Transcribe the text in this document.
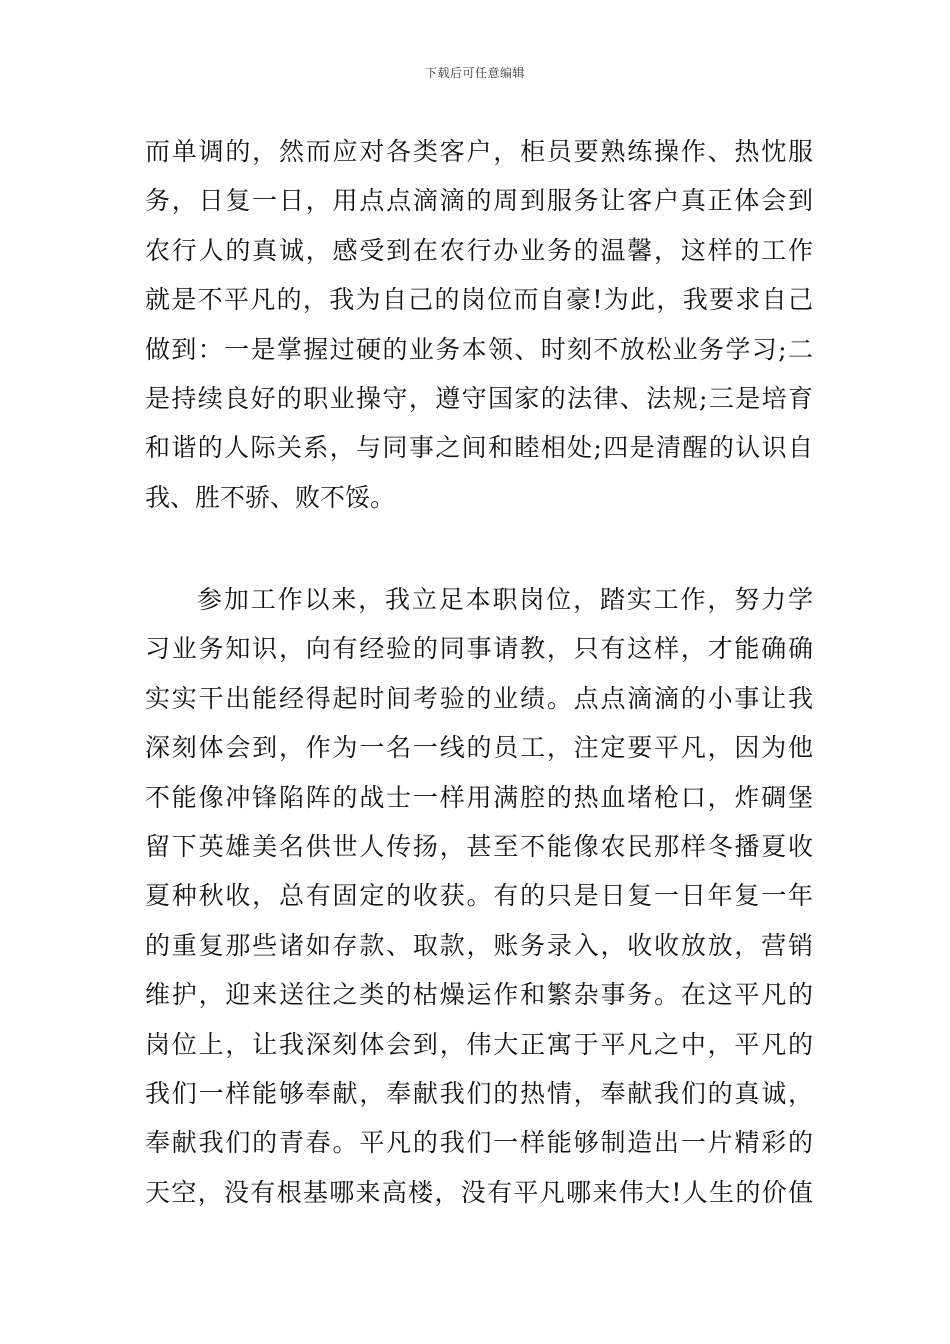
下载后可任意编辑
而单调的，然而应对各类客户，柜员要熟练操作、热忱服
务，日复一日，用点点滴滴的周到服务让客户真正体会到
农行人的真诚，感受到在农行办业务的温馨，这样的工作
就是不平凡的，我为自己的岗位而自豪!为此，我要求自己
做到：一是掌握过硬的业务本领、时刻不放松业务学习;二
是持续良好的职业操守，遵守国家的法律、法规;三是培育
和谐的人际关系，与同事之间和睦相处;四是清醒的认识自
我、胜不骄、败不馁。
参加工作以来，我立足本职岗位，踏实工作，努力学
习业务知识，向有经验的同事请教，只有这样，才能确确
实实干出能经得起时间考验的业绩。点点滴滴的小事让我
深刻体会到，作为一名一线的员工，注定要平凡，因为他
不能像冲锋陷阵的战士一样用满腔的热血堵枪口，炸碉堡
留下英雄美名供世人传扬，甚至不能像农民那样冬播夏收
夏种秋收，总有固定的收获。有的只是日复一日年复一年
的重复那些诸如存款、取款，账务录入，收收放放，营销
维护，迎来送往之类的枯燥运作和繁杂事务。在这平凡的
岗位上，让我深刻体会到，伟大正寓于平凡之中，平凡的
我们一样能够奉献，奉献我们的热情，奉献我们的真诚，
奉献我们的青春。平凡的我们一样能够制造出一片精彩的
天空，没有根基哪来高楼，没有平凡哪来伟大!人生的价值
